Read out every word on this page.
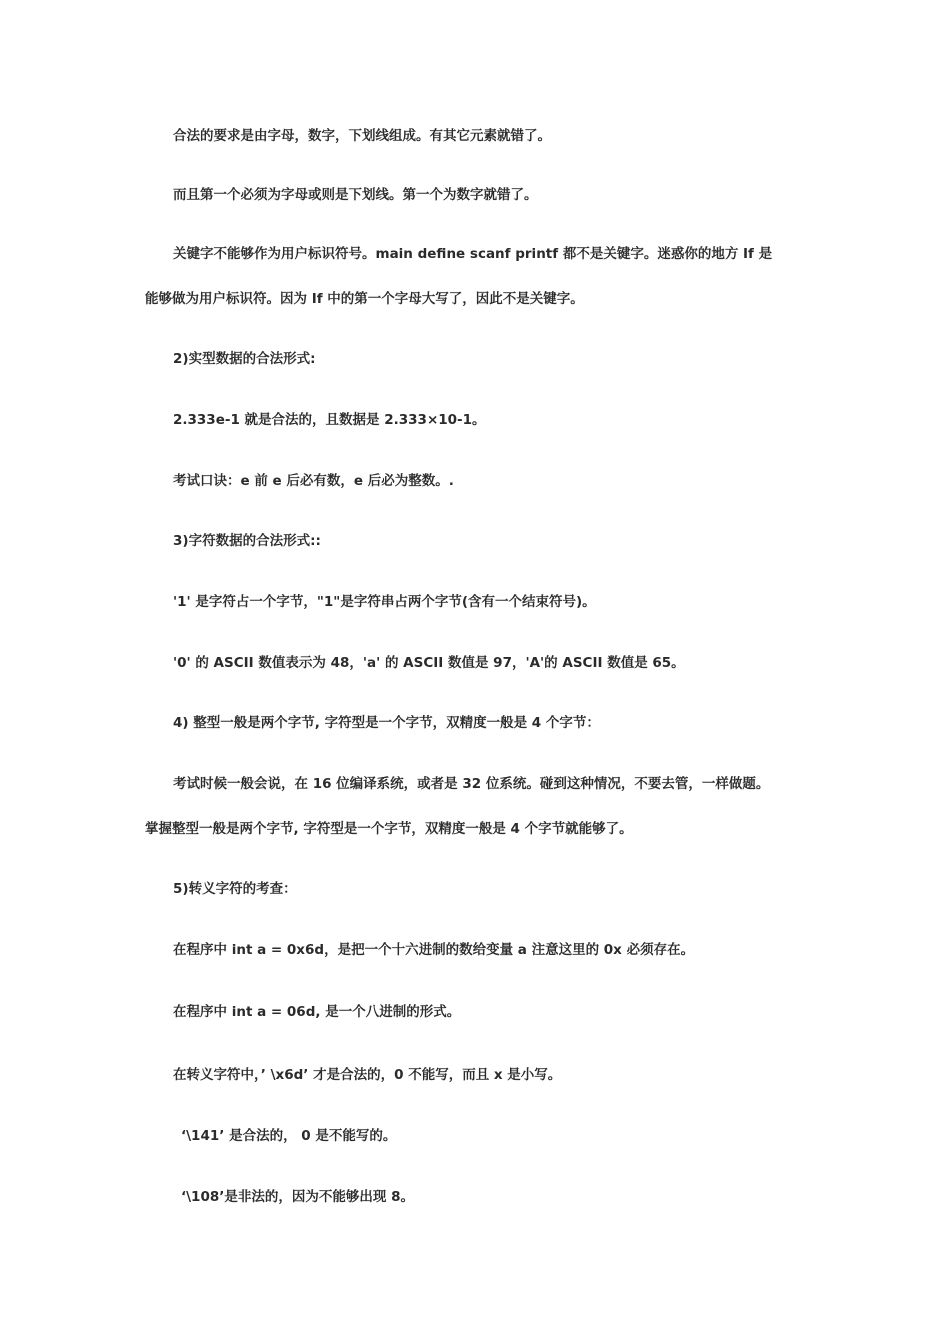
合法的要求是由字母，数字，下划线组成。有其它元素就错了。
而且第一个必须为字母或则是下划线。第一个为数字就错了。
关键字不能够作为用户标识符号。main define scanf printf 都不是关键字。迷惑你的地方 If 是
能够做为用户标识符。因为 If 中的第一个字母大写了，因此不是关键字。
2)实型数据的合法形式:
2.333e-1 就是合法的，且数据是 2.333×10-1。
考试口诀：e 前 e 后必有数，e 后必为整数。.
3)字符数据的合法形式::
'1' 是字符占一个字节，"1"是字符串占两个字节(含有一个结束符号)。
'0' 的 ASCII 数值表示为 48，'a' 的 ASCII 数值是 97，'A'的 ASCII 数值是 65。
4) 整型一般是两个字节, 字符型是一个字节，双精度一般是 4 个字节：
考试时候一般会说，在 16 位编译系统，或者是 32 位系统。碰到这种情况，不要去管，一样做题。
掌握整型一般是两个字节, 字符型是一个字节，双精度一般是 4 个字节就能够了。
5)转义字符的考查：
在程序中 int a = 0x6d，是把一个十六进制的数给变量 a 注意这里的 0x 必须存在。
在程序中 int a = 06d, 是一个八进制的形式。
在转义字符中，’ \x6d’ 才是合法的，0 不能写，而且 x 是小写。
‘\141’ 是合法的， 0 是不能写的。
‘\108’是非法的，因为不能够出现 8。
